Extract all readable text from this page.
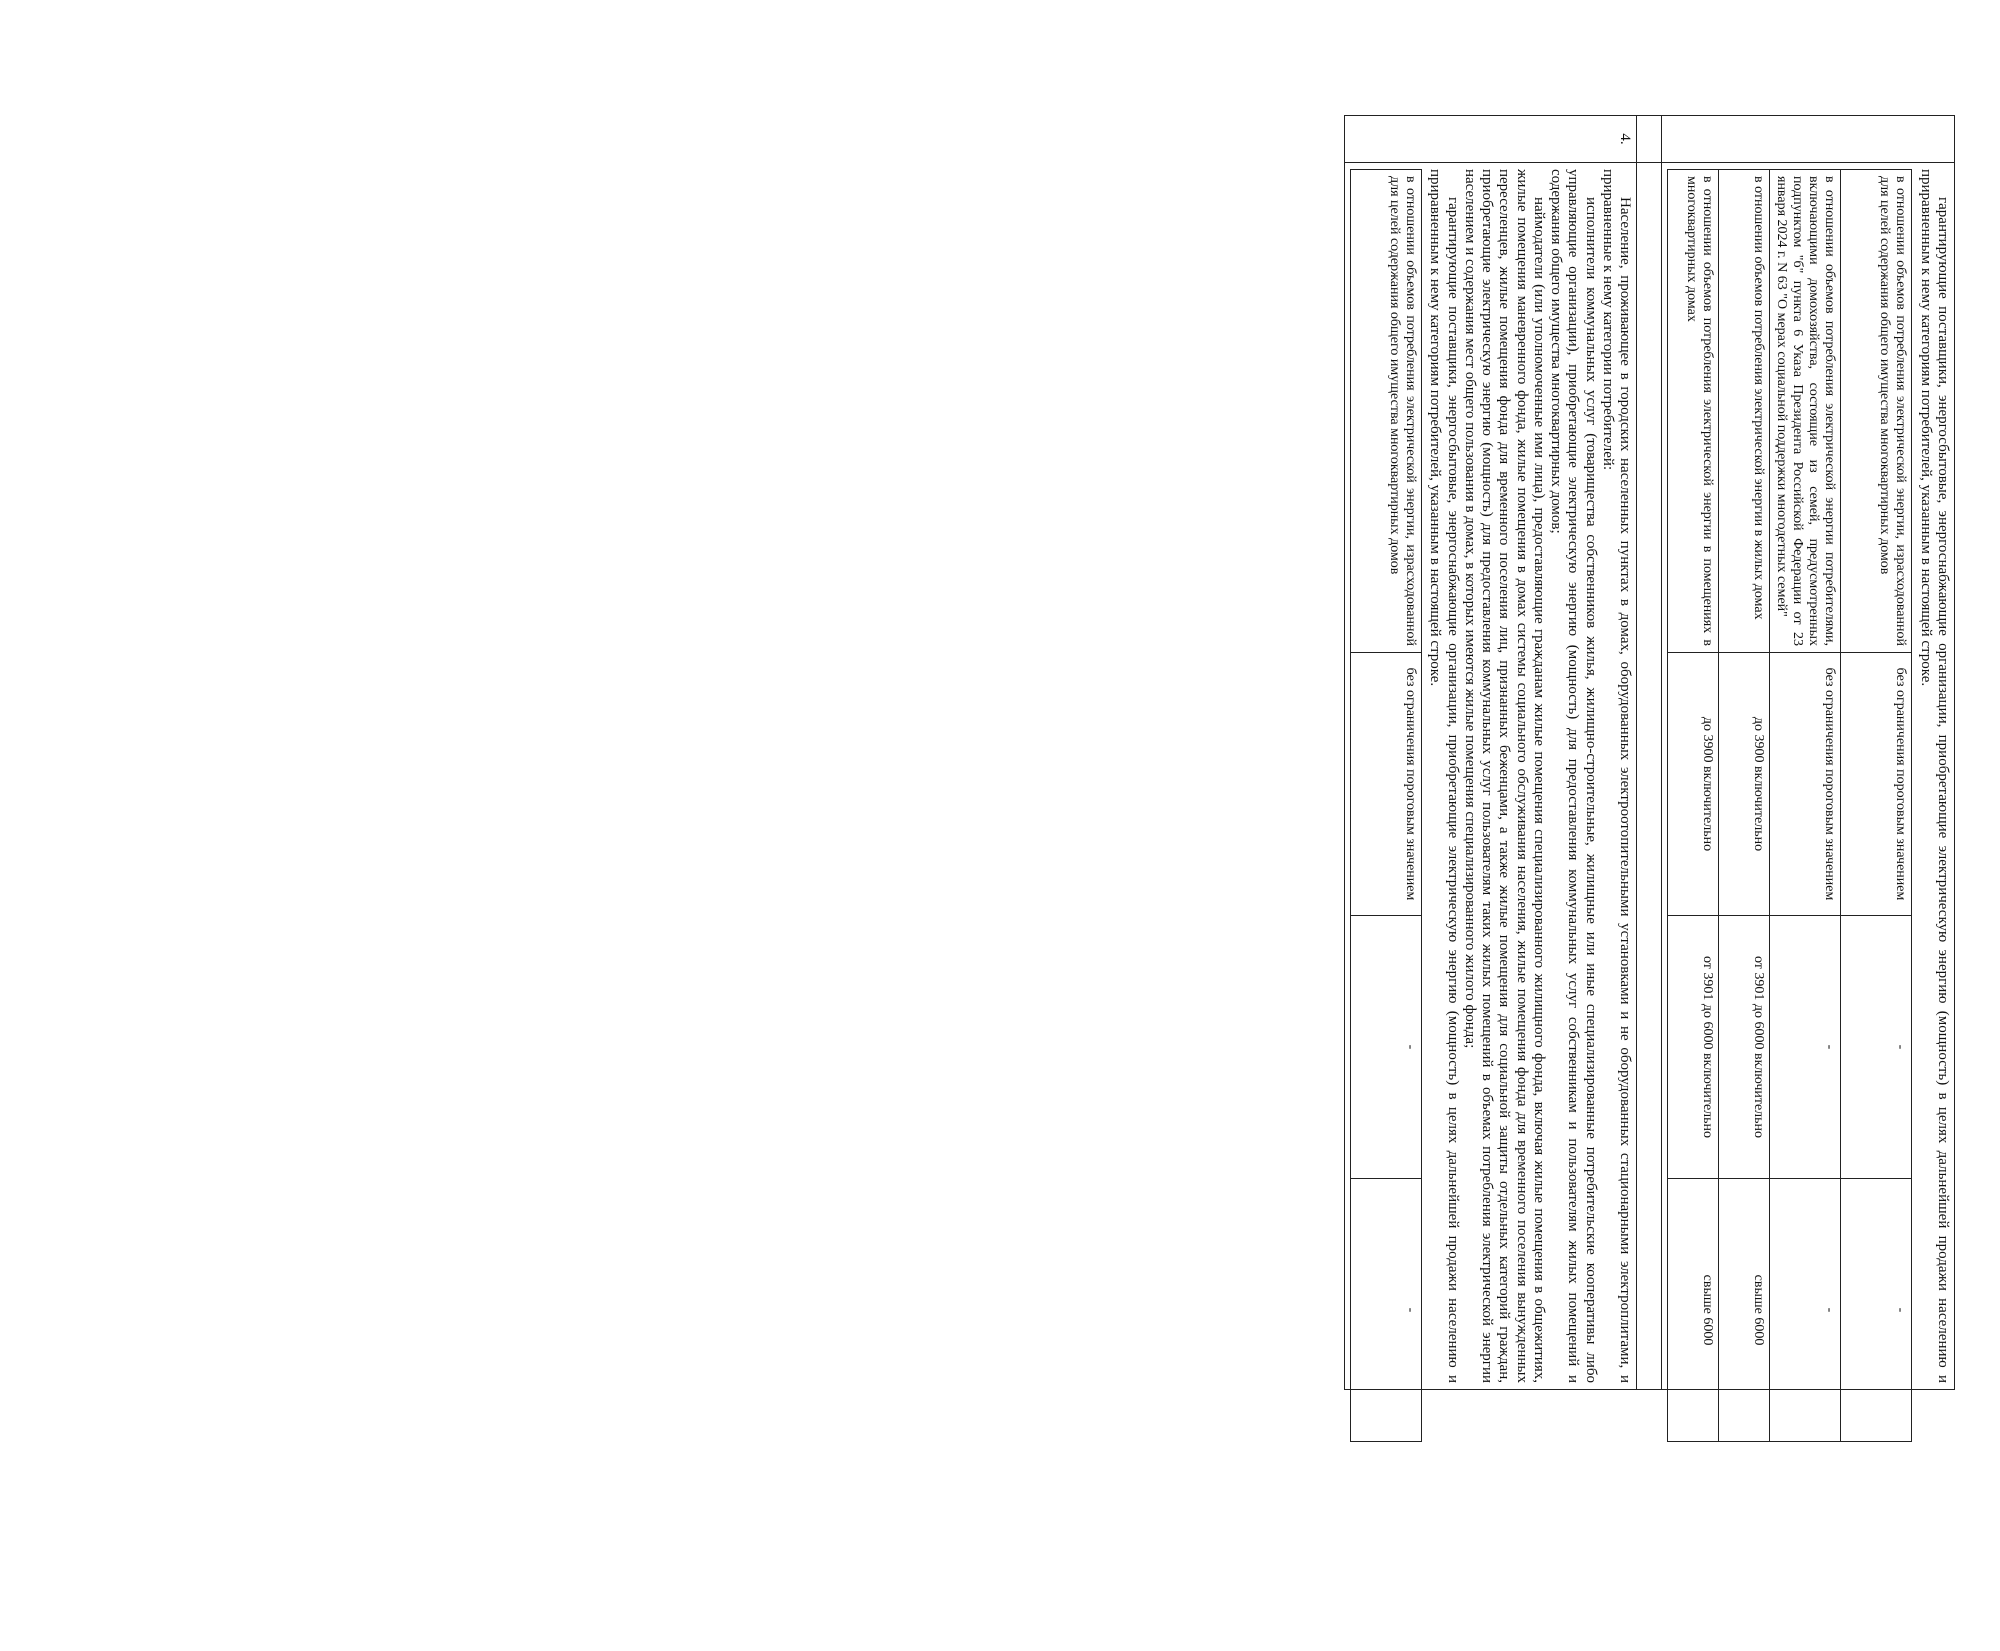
гарантирующие поставщики, энергосбытовые, энергоснабжающие организации, приобретающие электрическую энергию (мощность) в целях дальнейшей продажи населению и приравненным к нему категориям потребителей, указанным в настоящей строке.

в отношении объемов потребления электрической энергии, израсходованной для целей содержания общего имущества многоквартирных домов	без ограничения пороговым значением	-	-
в отношении объемов потребления электрической энергии потребителями, включающими домохозяйства, состоящие из семей, предусмотренных подпунктом "б" пункта 6 Указа Президента Российской Федерации от 23 января 2024 г. N 63 "О мерах социальной поддержки многодетных семей"	без ограничения пороговым значением	-	-
в отношении объемов потребления электрической энергии в жилых домах	до 3900 включительно	от 3901 до 6000 включительно	свыше 6000
в отношении объемов потребления электрической энергии в помещениях в многоквартирных домах	до 3900 включительно	от 3901 до 6000 включительно	свыше 6000

4.	

Население, проживающее в городских населенных пунктах в домах, оборудованных электроотопительными установками и не оборудованных стационарными электроплитами, и приравненные к нему категории потребителей:

исполнители коммунальных услуг (товарищества собственников жилья, жилищно-строительные, жилищные или иные специализированные потребительские кооперативы либо управляющие организации), приобретающие электрическую энергию (мощность) для предоставления коммунальных услуг собственникам и пользователям жилых помещений и содержания общего имущества многоквартирных домов;

наймодатели (или уполномоченные ими лица), предоставляющие гражданам жилые помещения специализированного жилищного фонда, включая жилые помещения в общежитиях, жилые помещения маневренного фонда, жилые помещения в домах системы социального обслуживания населения, жилые помещения фонда для временного поселения вынужденных переселенцев, жилые помещения фонда для временного поселения лиц, признанных беженцами, а также жилые помещения для социальной защиты отдельных категорий граждан, приобретающие электрическую энергию (мощность) для предоставления коммунальных услуг пользователям таких жилых помещений в объемах потребления электрической энергии населением и содержания мест общего пользования в домах, в которых имеются жилые помещения специализированного жилого фонда;

гарантирующие поставщики, энергосбытовые, энергоснабжающие организации, приобретающие электрическую энергию (мощность) в целях дальнейшей продажи населению и приравненным к нему категориям потребителей, указанным в настоящей строке.

в отношении объемов потребления электрической энергии, израсходованной для целей содержания общего имущества многоквартирных домов	без ограничения пороговым значением	-	-
